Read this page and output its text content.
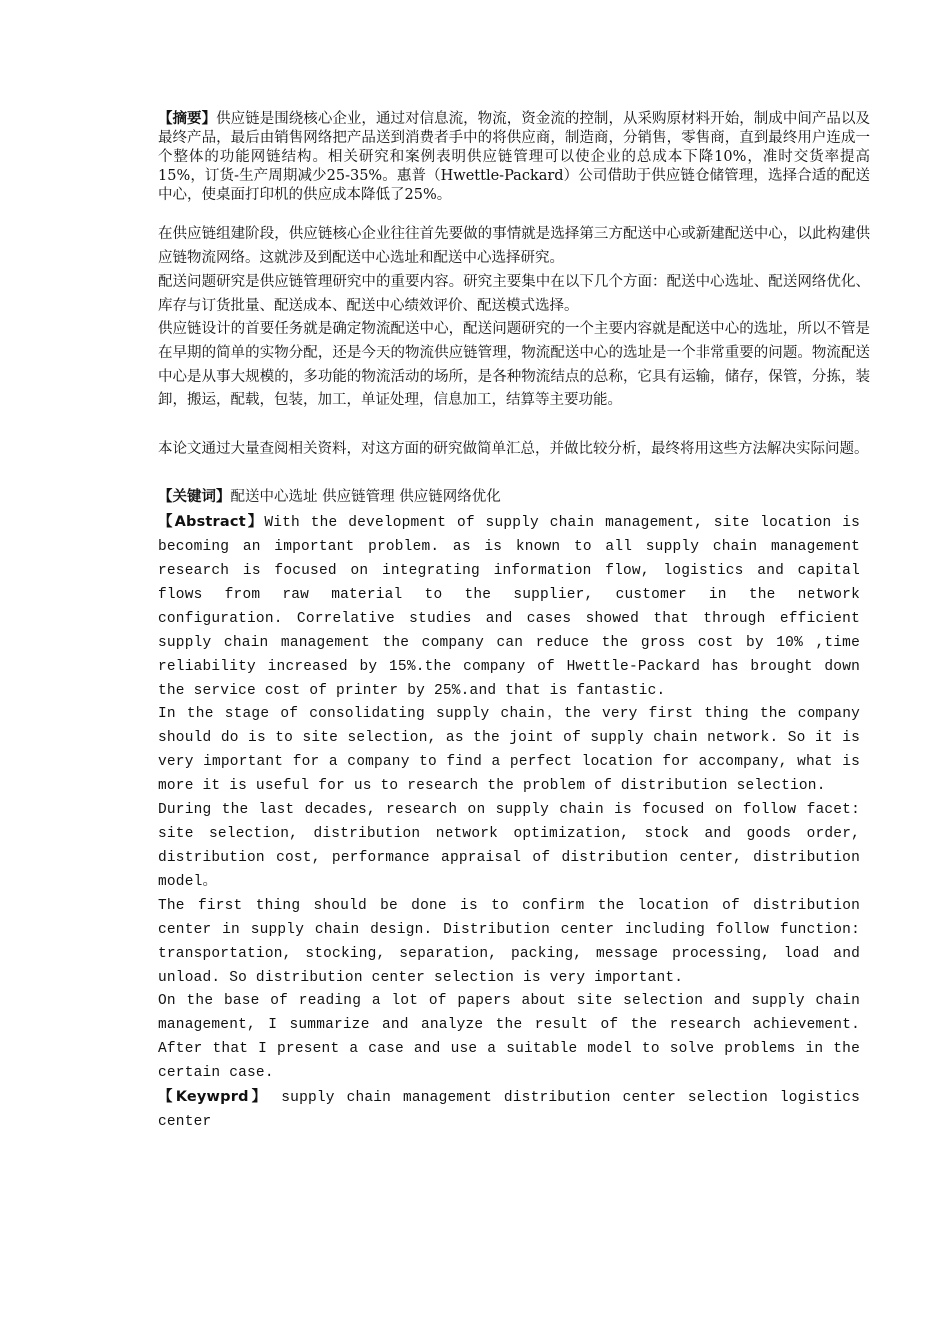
【摘要】供应链是围绕核心企业，通过对信息流，物流，资金流的控制，从采购原材料开始，制成中间产品以及最终产品，最后由销售网络把产品送到消费者手中的将供应商，制造商，分销售，零售商，直到最终用户连成一个整体的功能网链结构。相关研究和案例表明供应链管理可以使企业的总成本下降10%，准时交货率提高15%，订货-生产周期减少25-35%。惠普（Hwettle-Packard）公司借助于供应链仓储管理，选择合适的配送中心，使桌面打印机的供应成本降低了25%。

在供应链组建阶段，供应链核心企业往往首先要做的事情就是选择第三方配送中心或新建配送中心，以此构建供应链物流网络。这就涉及到配送中心选址和配送中心选择研究。

配送问题研究是供应链管理研究中的重要内容。研究主要集中在以下几个方面：配送中心选址、配送网络优化、库存与订货批量、配送成本、配送中心绩效评价、配送模式选择。

供应链设计的首要任务就是确定物流配送中心，配送问题研究的一个主要内容就是配送中心的选址，所以不管是在早期的简单的实物分配，还是今天的物流供应链管理，物流配送中心的选址是一个非常重要的问题。物流配送中心是从事大规模的，多功能的物流活动的场所，是各种物流结点的总称，它具有运输，储存，保管，分拣，装卸，搬运，配载，包装，加工，单证处理，信息加工，结算等主要功能。

本论文通过大量查阅相关资料，对这方面的研究做简单汇总，并做比较分析，最终将用这些方法解决实际问题。

【关键词】配送中心选址 供应链管理 供应链网络优化

【Abstract】With the development of supply chain management, site location is becoming an important problem. as is known to all supply chain management research is focused on integrating information flow, logistics and capital flows from raw material to the supplier, customer in the network configuration. Correlative studies and cases showed that through efficient supply chain management the company can reduce the gross cost by 10% ,time reliability increased by 15%.the company of Hwettle-Packard has brought down the service cost of printer by 25%.and that is fantastic.

In the stage of consolidating supply chain，the very first thing the company should do is to site selection, as the joint of supply chain network. So it is very important for a company to find a perfect location for accompany, what is more it is useful for us to research the problem of distribution selection.

During the last decades, research on supply chain is focused on follow facet: site selection, distribution network optimization, stock and goods order, distribution cost, performance appraisal of distribution center, distribution model。

The first thing should be done is to confirm the location of distribution center in supply chain design. Distribution center including follow function: transportation, stocking, separation, packing, message processing, load and unload. So distribution center selection is very important.

On the base of reading a lot of papers about site selection and supply chain management, I summarize and analyze the result of the research achievement. After that I present a case and use a suitable model to solve problems in the certain case.

【Keywprd】 supply chain management distribution center selection logistics center
